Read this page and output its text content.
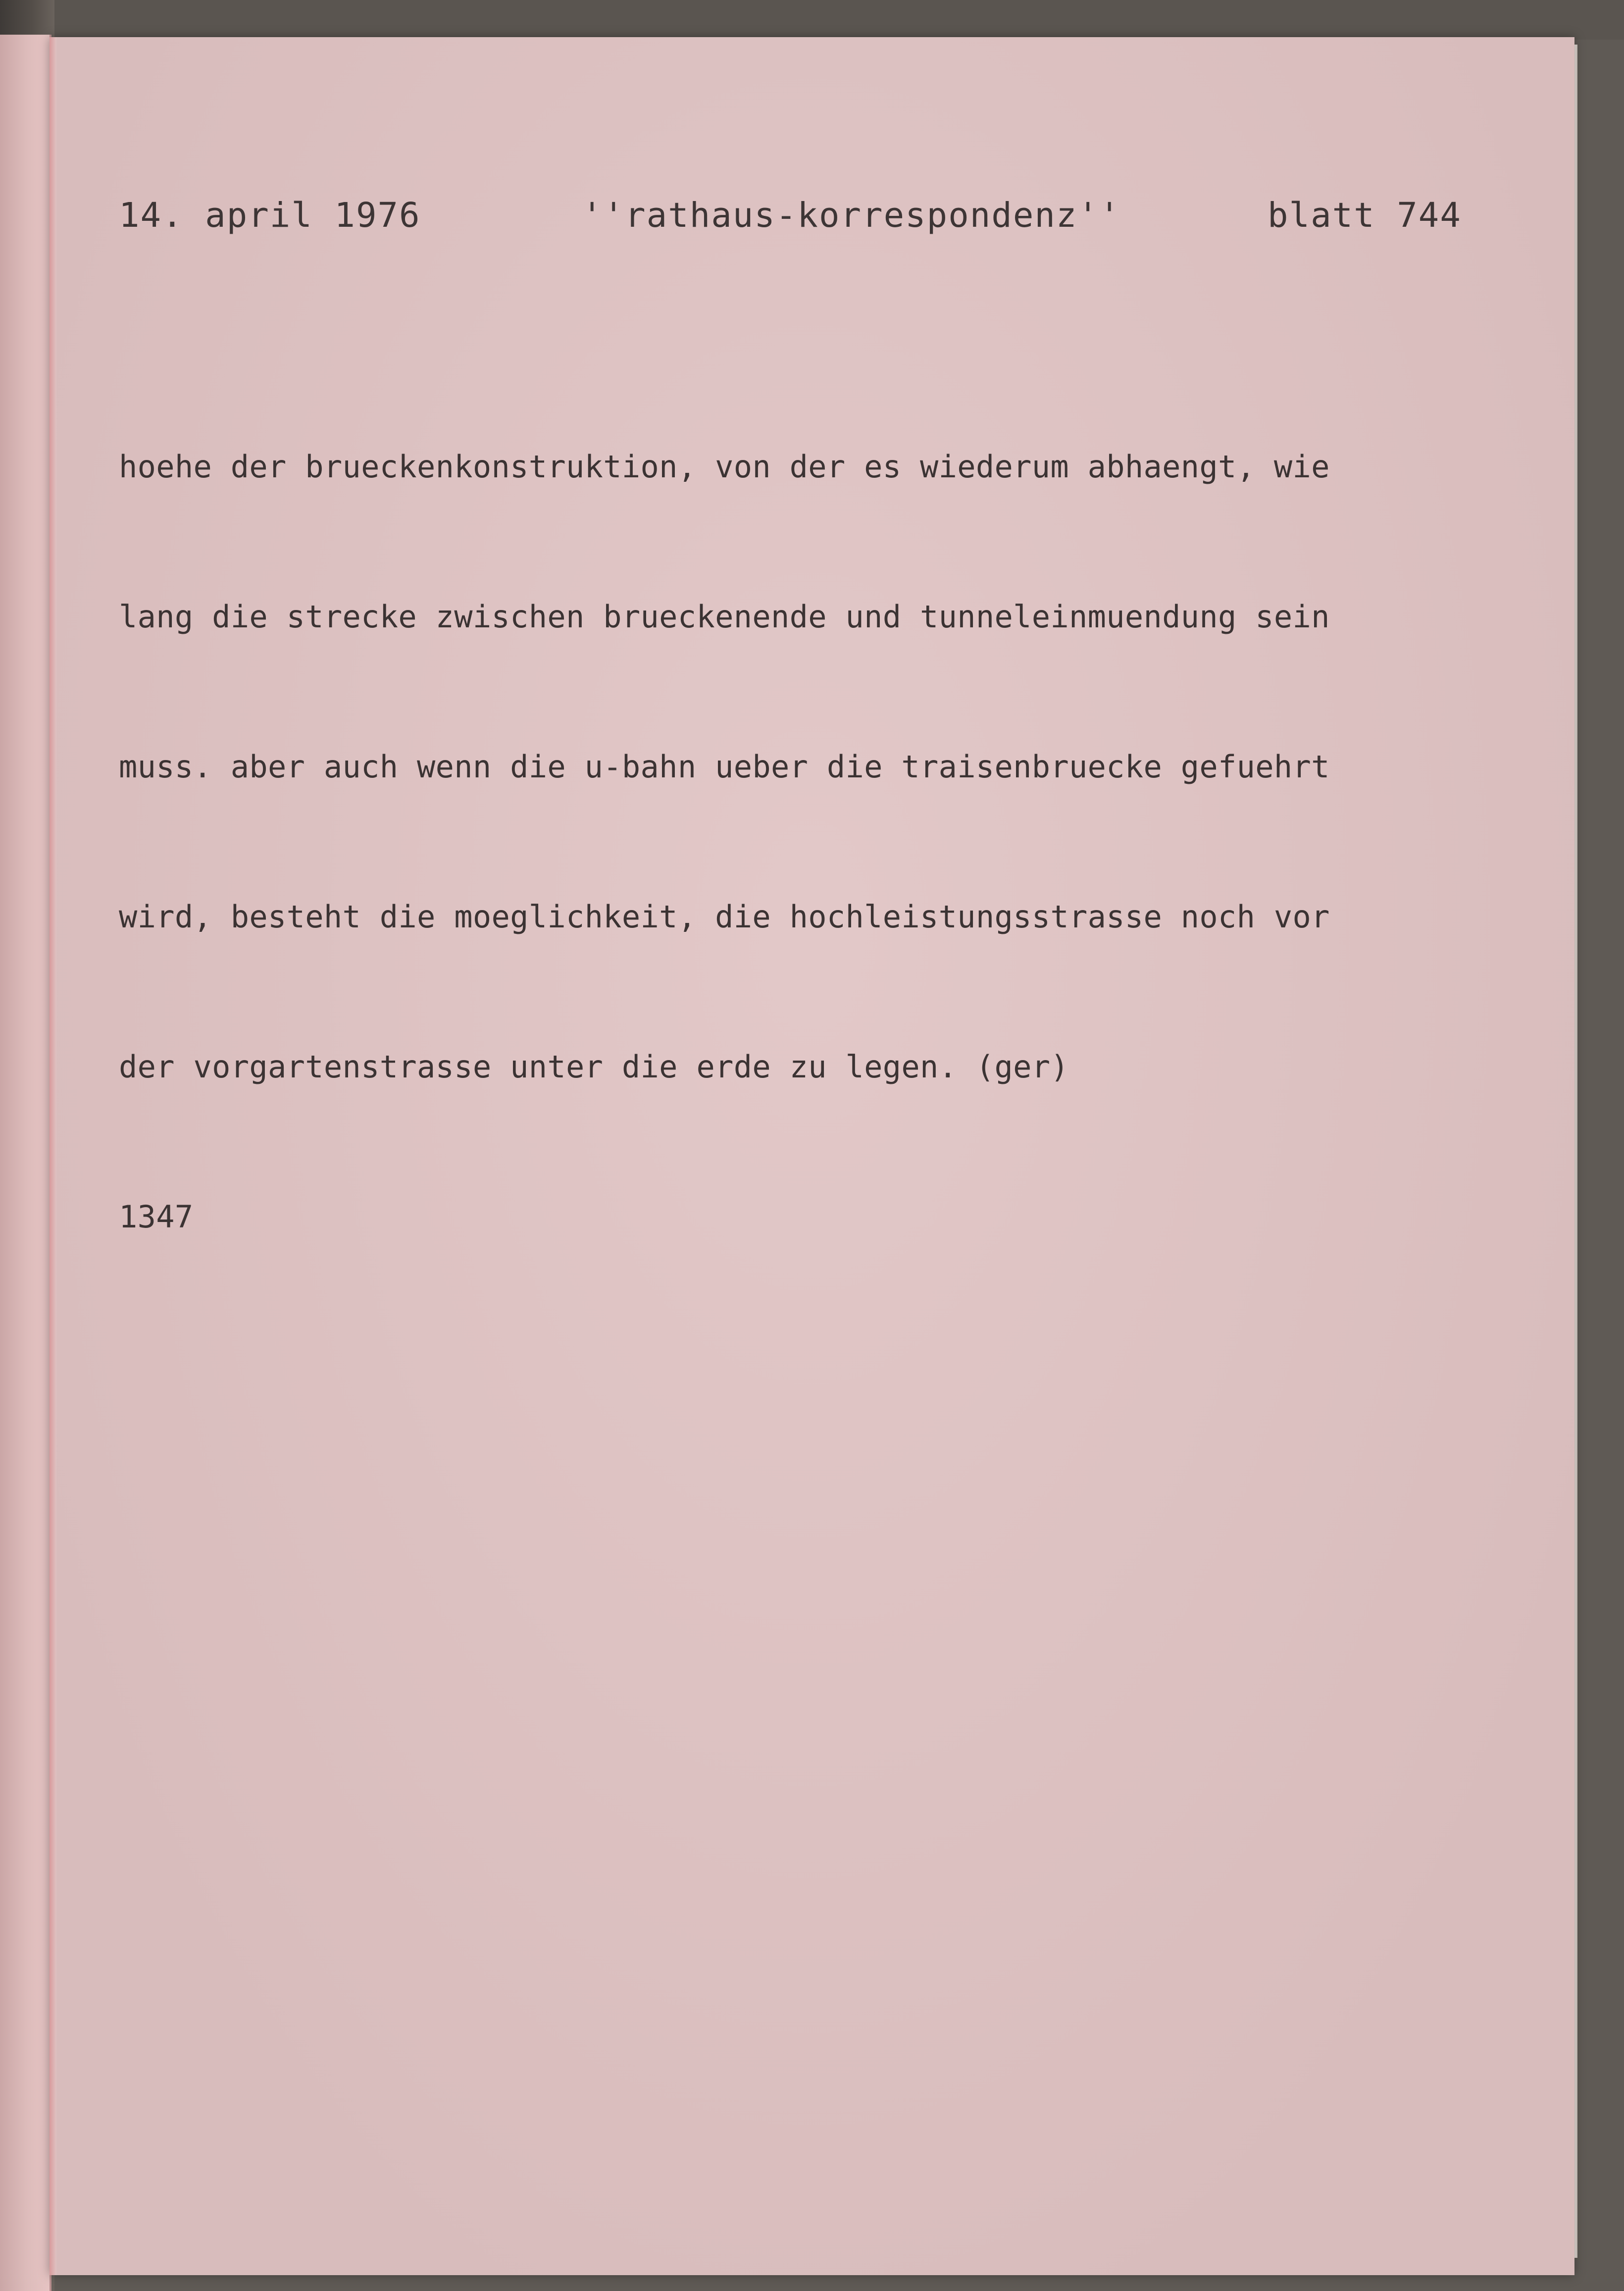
14. april 1976	''rathaus-korrespondenz''	blatt 744

hoehe der brueckenkonstruktion, von der es wiederum abhaengt, wie

lang die strecke zwischen brueckenende und tunneleinmuendung sein

muss. aber auch wenn die u-bahn ueber die traisenbruecke gefuehrt

wird, besteht die moeglichkeit, die hochleistungsstrasse noch vor

der vorgartenstrasse unter die erde zu legen. (ger)

1347
